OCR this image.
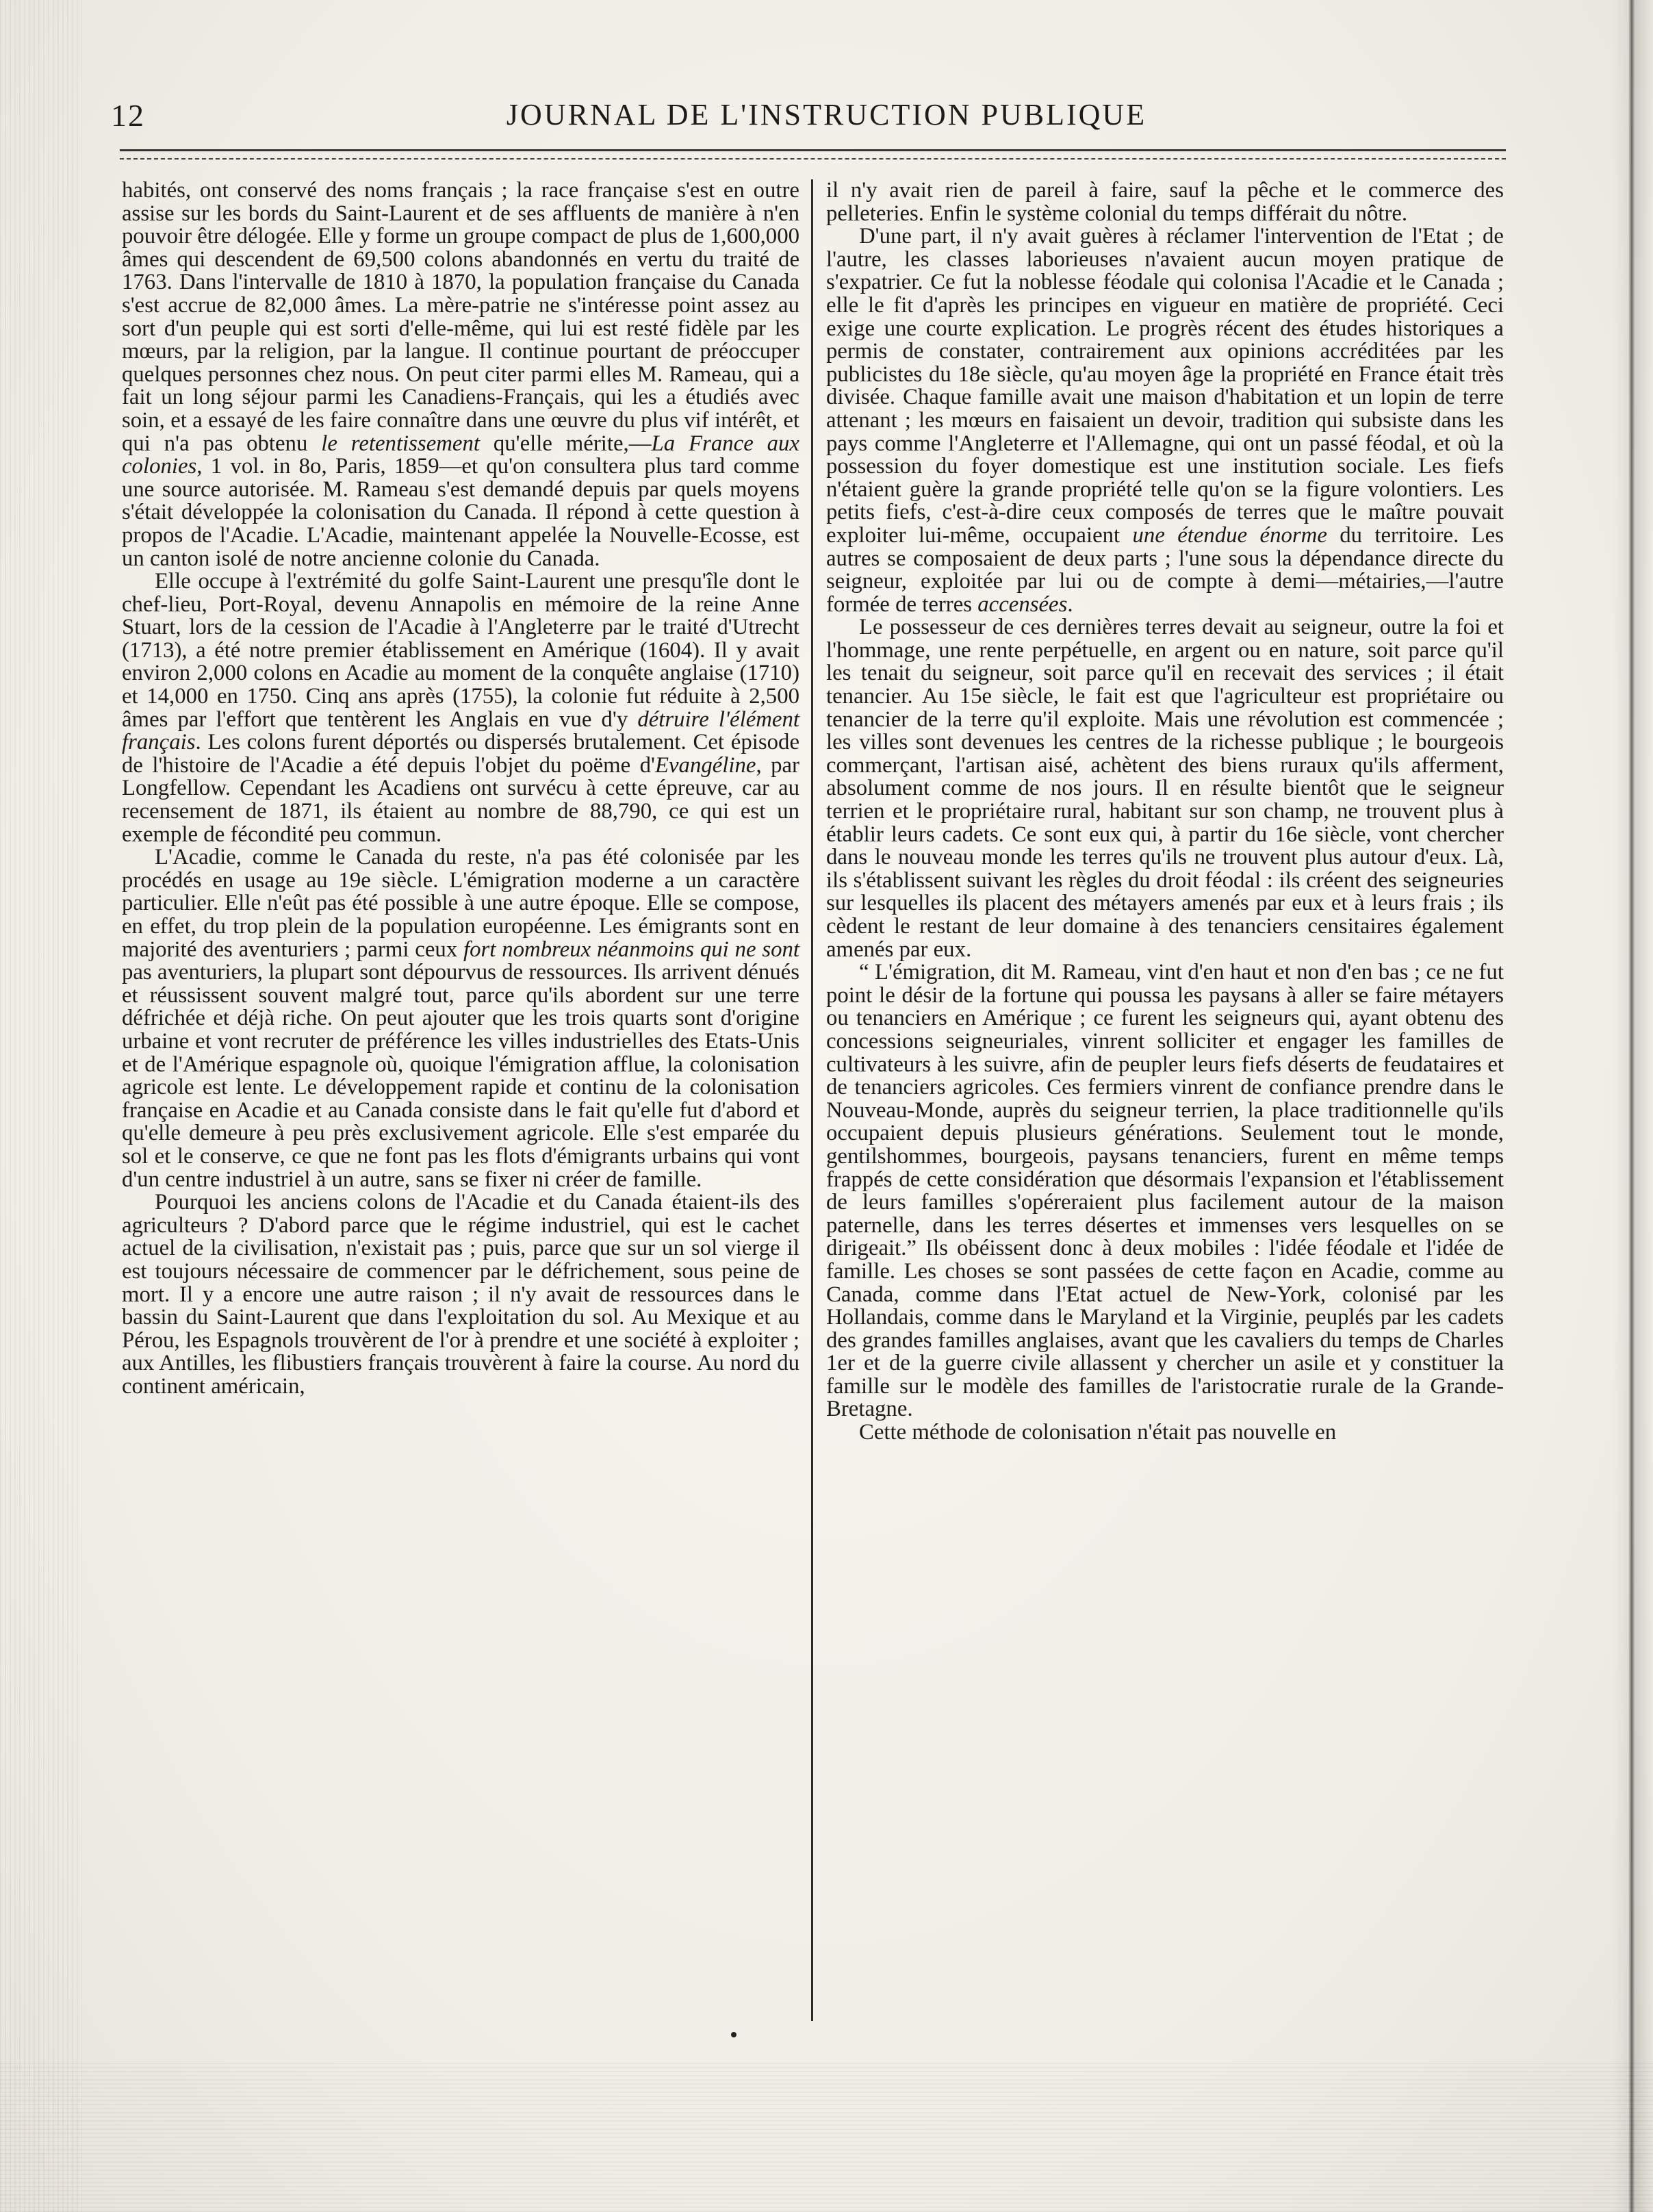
12	JOURNAL DE L'INSTRUCTION PUBLIQUE

habités, ont conservé des noms français ; la race française s'est en outre assise sur les bords du Saint-Laurent et de ses affluents de manière à n'en pouvoir être délogée. Elle y forme un groupe compact de plus de 1,600,000 âmes qui descendent de 69,500 colons abandonnés en vertu du traité de 1763. Dans l'intervalle de 1810 à 1870, la population française du Canada s'est accrue de 82,000 âmes. La mère-patrie ne s'intéresse point assez au sort d'un peuple qui est sorti d'elle-même, qui lui est resté fidèle par les mœurs, par la religion, par la langue. Il continue pourtant de préoccuper quelques personnes chez nous. On peut citer parmi elles M. Rameau, qui a fait un long séjour parmi les Canadiens-Français, qui les a étudiés avec soin, et a essayé de les faire connaître dans une œuvre du plus vif intérêt, et qui n'a pas obtenu le retentissement qu'elle mérite,—La France aux colonies, 1 vol. in 8o, Paris, 1859—et qu'on consultera plus tard comme une source autorisée. M. Rameau s'est demandé depuis par quels moyens s'était développée la colonisation du Canada. Il répond à cette question à propos de l'Acadie. L'Acadie, maintenant appelée la Nouvelle-Ecosse, est un canton isolé de notre ancienne colonie du Canada.

Elle occupe à l'extrémité du golfe Saint-Laurent une presqu'île dont le chef-lieu, Port-Royal, devenu Annapolis en mémoire de la reine Anne Stuart, lors de la cession de l'Acadie à l'Angleterre par le traité d'Utrecht (1713), a été notre premier établissement en Amérique (1604). Il y avait environ 2,000 colons en Acadie au moment de la conquête anglaise (1710) et 14,000 en 1750. Cinq ans après (1755), la colonie fut réduite à 2,500 âmes par l'effort que tentèrent les Anglais en vue d'y détruire l'élément français. Les colons furent déportés ou dispersés brutalement. Cet épisode de l'histoire de l'Acadie a été depuis l'objet du poëme d'Evangéline, par Longfellow. Cependant les Acadiens ont survécu à cette épreuve, car au recensement de 1871, ils étaient au nombre de 88,790, ce qui est un exemple de fécondité peu commun.

L'Acadie, comme le Canada du reste, n'a pas été colonisée par les procédés en usage au 19e siècle. L'émigration moderne a un caractère particulier. Elle n'eût pas été possible à une autre époque. Elle se compose, en effet, du trop plein de la population européenne. Les émigrants sont en majorité des aventuriers ; parmi ceux fort nombreux néanmoins qui ne sont pas aventuriers, la plupart sont dépourvus de ressources. Ils arrivent dénués et réussissent souvent malgré tout, parce qu'ils abordent sur une terre défrichée et déjà riche. On peut ajouter que les trois quarts sont d'origine urbaine et vont recruter de préférence les villes industrielles des Etats-Unis et de l'Amérique espagnole où, quoique l'émigration afflue, la colonisation agricole est lente. Le développement rapide et continu de la colonisation française en Acadie et au Canada consiste dans le fait qu'elle fut d'abord et qu'elle demeure à peu près exclusivement agricole. Elle s'est emparée du sol et le conserve, ce que ne font pas les flots d'émigrants urbains qui vont d'un centre industriel à un autre, sans se fixer ni créer de famille.

Pourquoi les anciens colons de l'Acadie et du Canada étaient-ils des agriculteurs ? D'abord parce que le régime industriel, qui est le cachet actuel de la civilisation, n'existait pas ; puis, parce que sur un sol vierge il est toujours nécessaire de commencer par le défrichement, sous peine de mort. Il y a encore une autre raison ; il n'y avait de ressources dans le bassin du Saint-Laurent que dans l'exploitation du sol. Au Mexique et au Pérou, les Espagnols trouvèrent de l'or à prendre et une société à exploiter ; aux Antilles, les flibustiers français trouvèrent à faire la course. Au nord du continent américain,

il n'y avait rien de pareil à faire, sauf la pêche et le commerce des pelleteries. Enfin le système colonial du temps différait du nôtre.

D'une part, il n'y avait guères à réclamer l'intervention de l'Etat ; de l'autre, les classes laborieuses n'avaient aucun moyen pratique de s'expatrier. Ce fut la noblesse féodale qui colonisa l'Acadie et le Canada ; elle le fit d'après les principes en vigueur en matière de propriété. Ceci exige une courte explication. Le progrès récent des études historiques a permis de constater, contrairement aux opinions accréditées par les publicistes du 18e siècle, qu'au moyen âge la propriété en France était très divisée. Chaque famille avait une maison d'habitation et un lopin de terre attenant ; les mœurs en faisaient un devoir, tradition qui subsiste dans les pays comme l'Angleterre et l'Allemagne, qui ont un passé féodal, et où la possession du foyer domestique est une institution sociale. Les fiefs n'étaient guère la grande propriété telle qu'on se la figure volontiers. Les petits fiefs, c'est-à-dire ceux composés de terres que le maître pouvait exploiter lui-même, occupaient une étendue énorme du territoire. Les autres se composaient de deux parts ; l'une sous la dépendance directe du seigneur, exploitée par lui ou de compte à demi—métairies,—l'autre formée de terres accensées.

Le possesseur de ces dernières terres devait au seigneur, outre la foi et l'hommage, une rente perpétuelle, en argent ou en nature, soit parce qu'il les tenait du seigneur, soit parce qu'il en recevait des services ; il était tenancier. Au 15e siècle, le fait est que l'agriculteur est propriétaire ou tenancier de la terre qu'il exploite. Mais une révolution est commencée ; les villes sont devenues les centres de la richesse publique ; le bourgeois commerçant, l'artisan aisé, achètent des biens ruraux qu'ils afferment, absolument comme de nos jours. Il en résulte bientôt que le seigneur terrien et le propriétaire rural, habitant sur son champ, ne trouvent plus à établir leurs cadets. Ce sont eux qui, à partir du 16e siècle, vont chercher dans le nouveau monde les terres qu'ils ne trouvent plus autour d'eux. Là, ils s'établissent suivant les règles du droit féodal : ils créent des seigneuries sur lesquelles ils placent des métayers amenés par eux et à leurs frais ; ils cèdent le restant de leur domaine à des tenanciers censitaires également amenés par eux.

“ L'émigration, dit M. Rameau, vint d'en haut et non d'en bas ; ce ne fut point le désir de la fortune qui poussa les paysans à aller se faire métayers ou tenanciers en Amérique ; ce furent les seigneurs qui, ayant obtenu des concessions seigneuriales, vinrent solliciter et engager les familles de cultivateurs à les suivre, afin de peupler leurs fiefs déserts de feudataires et de tenanciers agricoles. Ces fermiers vinrent de confiance prendre dans le Nouveau-Monde, auprès du seigneur terrien, la place traditionnelle qu'ils occupaient depuis plusieurs générations. Seulement tout le monde, gentilshommes, bourgeois, paysans tenanciers, furent en même temps frappés de cette considération que désormais l'expansion et l'établissement de leurs familles s'opéreraient plus facilement autour de la maison paternelle, dans les terres désertes et immenses vers lesquelles on se dirigeait.” Ils obéissent donc à deux mobiles : l'idée féodale et l'idée de famille. Les choses se sont passées de cette façon en Acadie, comme au Canada, comme dans l'Etat actuel de New-York, colonisé par les Hollandais, comme dans le Maryland et la Virginie, peuplés par les cadets des grandes familles anglaises, avant que les cavaliers du temps de Charles 1er et de la guerre civile allassent y chercher un asile et y constituer la famille sur le modèle des familles de l'aristocratie rurale de la Grande-Bretagne.

Cette méthode de colonisation n'était pas nouvelle en
